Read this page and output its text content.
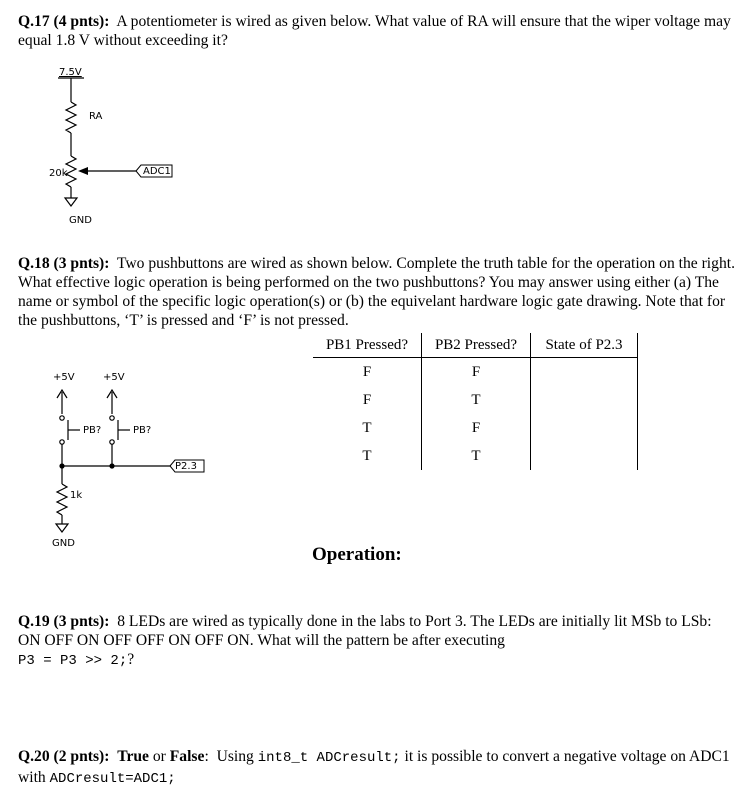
Q.17 (4 pnts): A potentiometer is wired as given below. What value of RA will ensure that the wiper voltage may equal 1.8 V without exceeding it?
7.5V
RA
20k	ADC1
GND
Q.18 (3 pnts): Two pushbuttons are wired as shown below. Complete the truth table for the operation on the right. What effective logic operation is being performed on the two pushbuttons? You may answer using either (a) The name or symbol of the specific logic operation(s) or (b) the equivelant hardware logic gate drawing. Note that for the pushbuttons, ‘T’ is pressed and ‘F’ is not pressed.
+5V	+5V
PB?	PB?
P2.3
1k
GND
PB1 Pressed?	PB2 Pressed?	State of P2.3
F	F	
F	T	
T	F	
T	T	
Operation:
Q.19 (3 pnts): 8 LEDs are wired as typically done in the labs to Port 3. The LEDs are initially lit MSb to LSb: ON OFF ON OFF OFF ON OFF ON. What will the pattern be after executing
P3 = P3 >> 2;?
Q.20 (2 pnts): True or False: Using int8_t ADCresult; it is possible to convert a negative voltage on ADC1 with ADCresult=ADC1;
